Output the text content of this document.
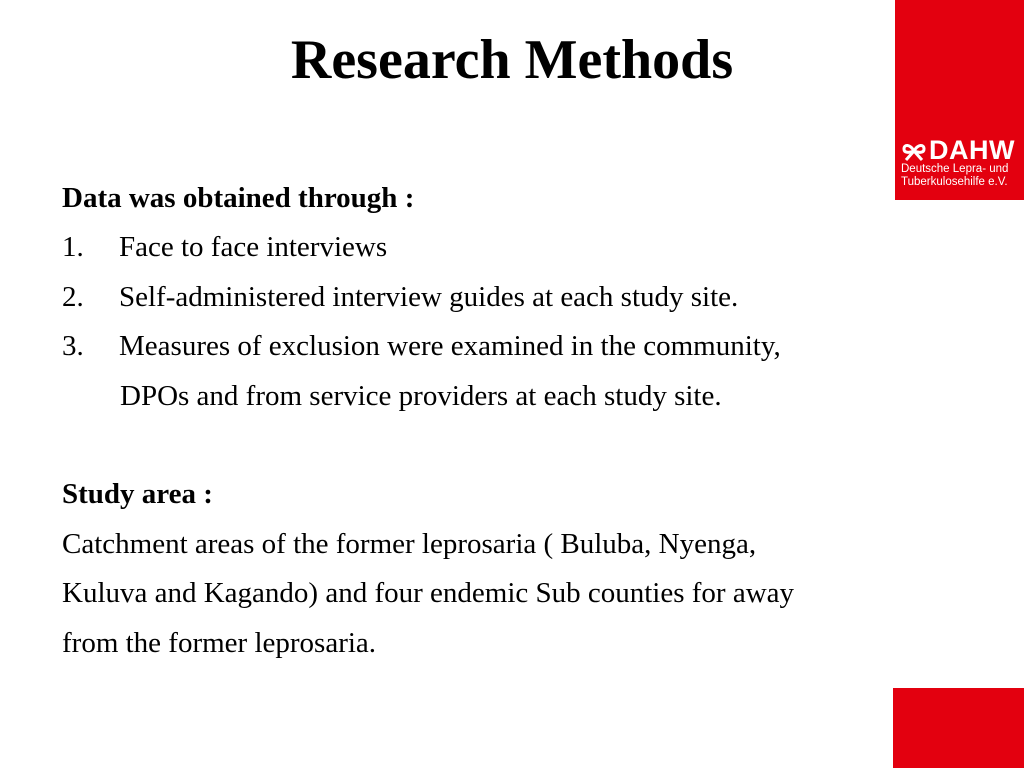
Research Methods
DAHW
Deutsche Lepra- und
Tuberkulosehilfe e.V.
Data was obtained through :
1. Face to face interviews
2. Self-administered interview guides at each study site.
3. Measures of exclusion were examined in the community,
DPOs and from service providers at each study site.
Study area :
Catchment areas of the former leprosaria ( Buluba, Nyenga,
Kuluva and Kagando) and four endemic Sub counties for away
from the former leprosaria.
